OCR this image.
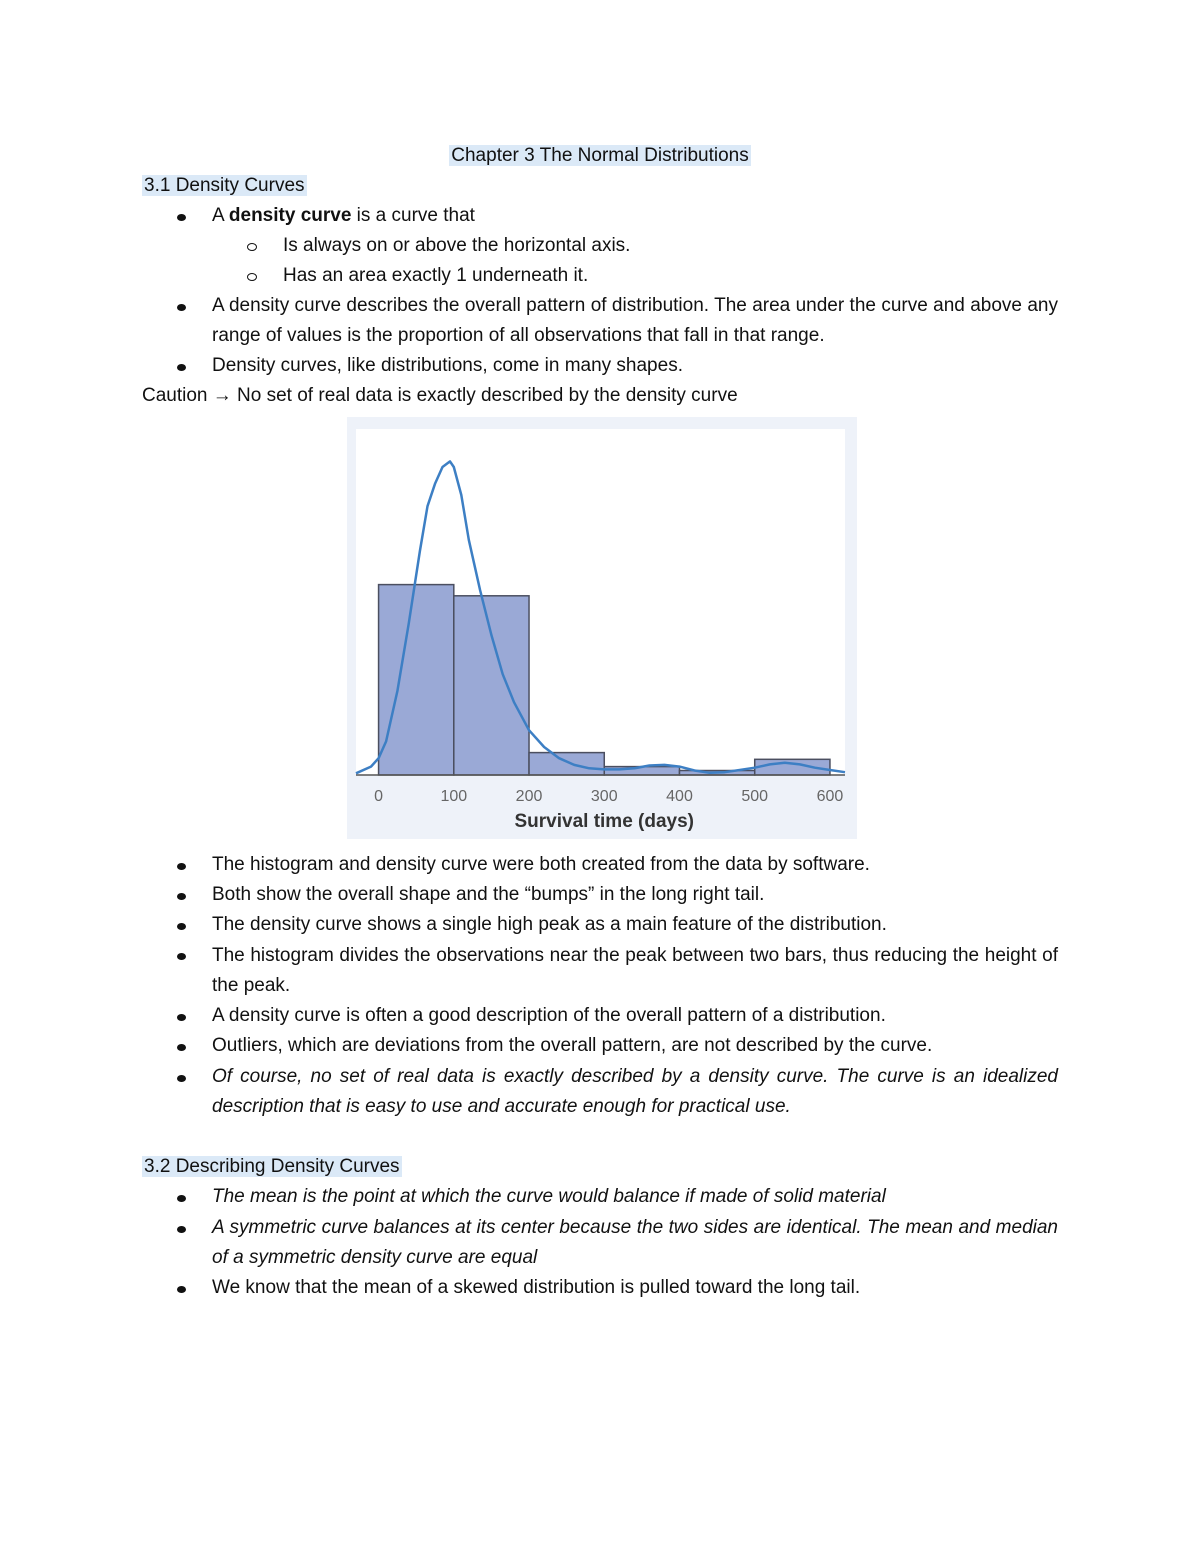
Chapter 3 The Normal Distributions
3.1 Density Curves
A density curve is a curve that
Is always on or above the horizontal axis.
Has an area exactly 1 underneath it.
A density curve describes the overall pattern of distribution. The area under the curve and above any range of values is the proportion of all observations that fall in that range.
Density curves, like distributions, come in many shapes.
Caution → No set of real data is exactly described by the density curve
0	100	200	300	400	500	600
Survival time (days)
The histogram and density curve were both created from the data by software.
Both show the overall shape and the “bumps” in the long right tail.
The density curve shows a single high peak as a main feature of the distribution.
The histogram divides the observations near the peak between two bars, thus reducing the height of the peak.
A density curve is often a good description of the overall pattern of a distribution.
Outliers, which are deviations from the overall pattern, are not described by the curve.
Of course, no set of real data is exactly described by a density curve. The curve is an idealized description that is easy to use and accurate enough for practical use.
3.2 Describing Density Curves
The mean is the point at which the curve would balance if made of solid material
A symmetric curve balances at its center because the two sides are identical. The mean and median of a symmetric density curve are equal
We know that the mean of a skewed distribution is pulled toward the long tail.
